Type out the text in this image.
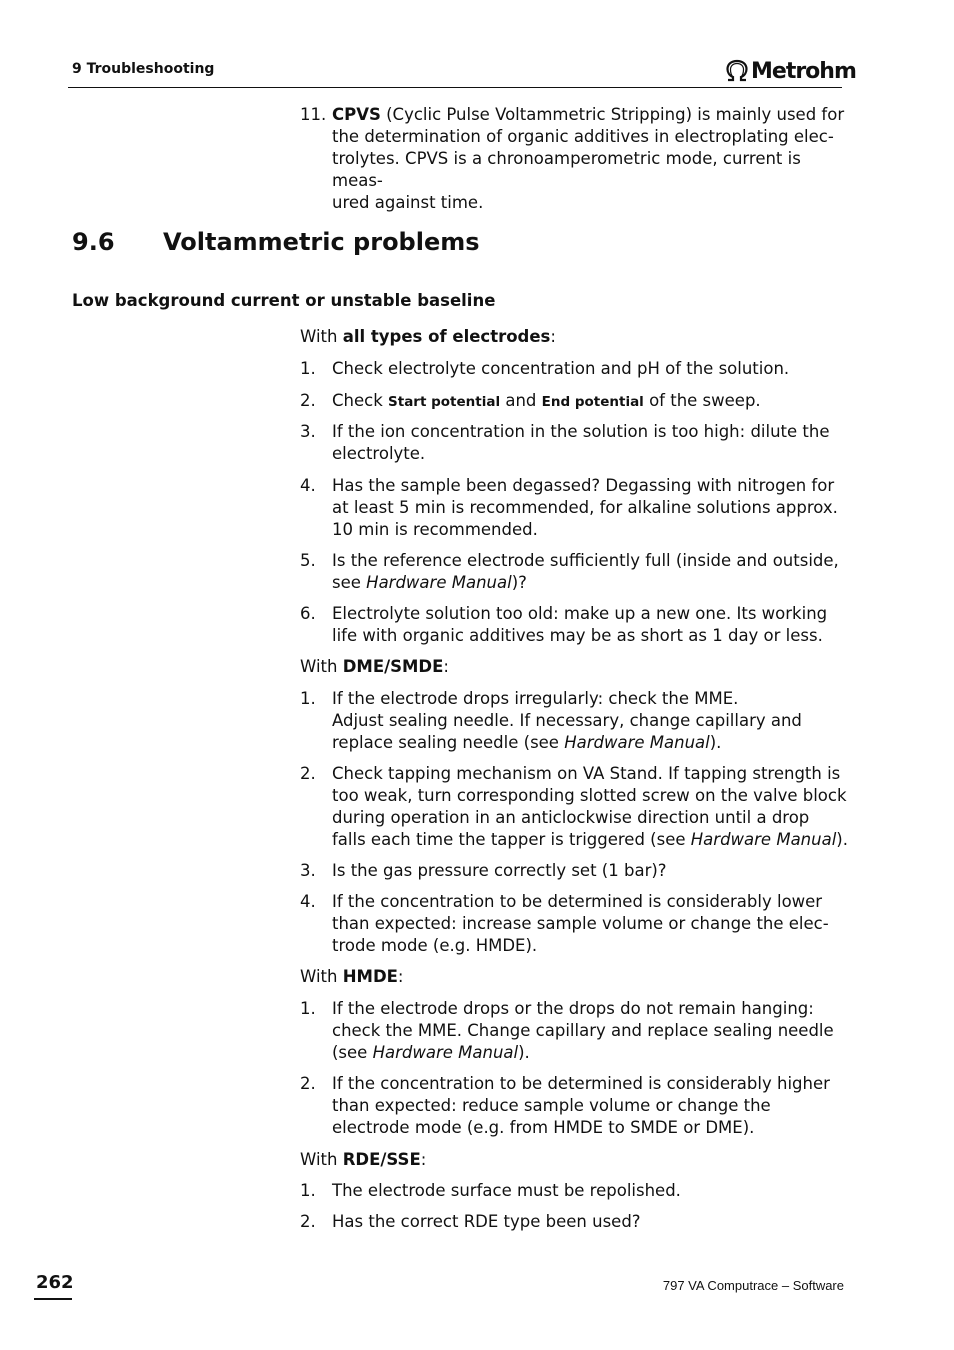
9 Troubleshooting	Metrohm
11. CPVS (Cyclic Pulse Voltammetric Stripping) is mainly used for
the determination of organic additives in electroplating elec-
trolytes. CPVS is a chronoamperometric mode, current is meas-
ured against time.
9.6	Voltammetric problems
Low background current or unstable baseline
With all types of electrodes:
1. Check electrolyte concentration and pH of the solution.
2. Check Start potential and End potential of the sweep.
3. If the ion concentration in the solution is too high: dilute the electrolyte.
4. Has the sample been degassed? Degassing with nitrogen for at least 5 min is recommended, for alkaline solutions approx. 10 min is recommended.
5. Is the reference electrode sufficiently full (inside and outside, see Hardware Manual)?
6. Electrolyte solution too old: make up a new one. Its working life with organic additives may be as short as 1 day or less.
With DME/SMDE:
1. If the electrode drops irregularly: check the MME.
Adjust sealing needle. If necessary, change capillary and replace sealing needle (see Hardware Manual).
2. Check tapping mechanism on VA Stand. If tapping strength is too weak, turn corresponding slotted screw on the valve block during operation in an anticlockwise direction until a drop falls each time the tapper is triggered (see Hardware Manual).
3. Is the gas pressure correctly set (1 bar)?
4. If the concentration to be determined is considerably lower than expected: increase sample volume or change the elec-trode mode (e.g. HMDE).
With HMDE:
1. If the electrode drops or the drops do not remain hanging: check the MME. Change capillary and replace sealing needle (see Hardware Manual).
2. If the concentration to be determined is considerably higher than expected: reduce sample volume or change the electrode mode (e.g. from HMDE to SMDE or DME).
With RDE/SSE:
1. The electrode surface must be repolished.
2. Has the correct RDE type been used?
262	797 VA Computrace – Software
